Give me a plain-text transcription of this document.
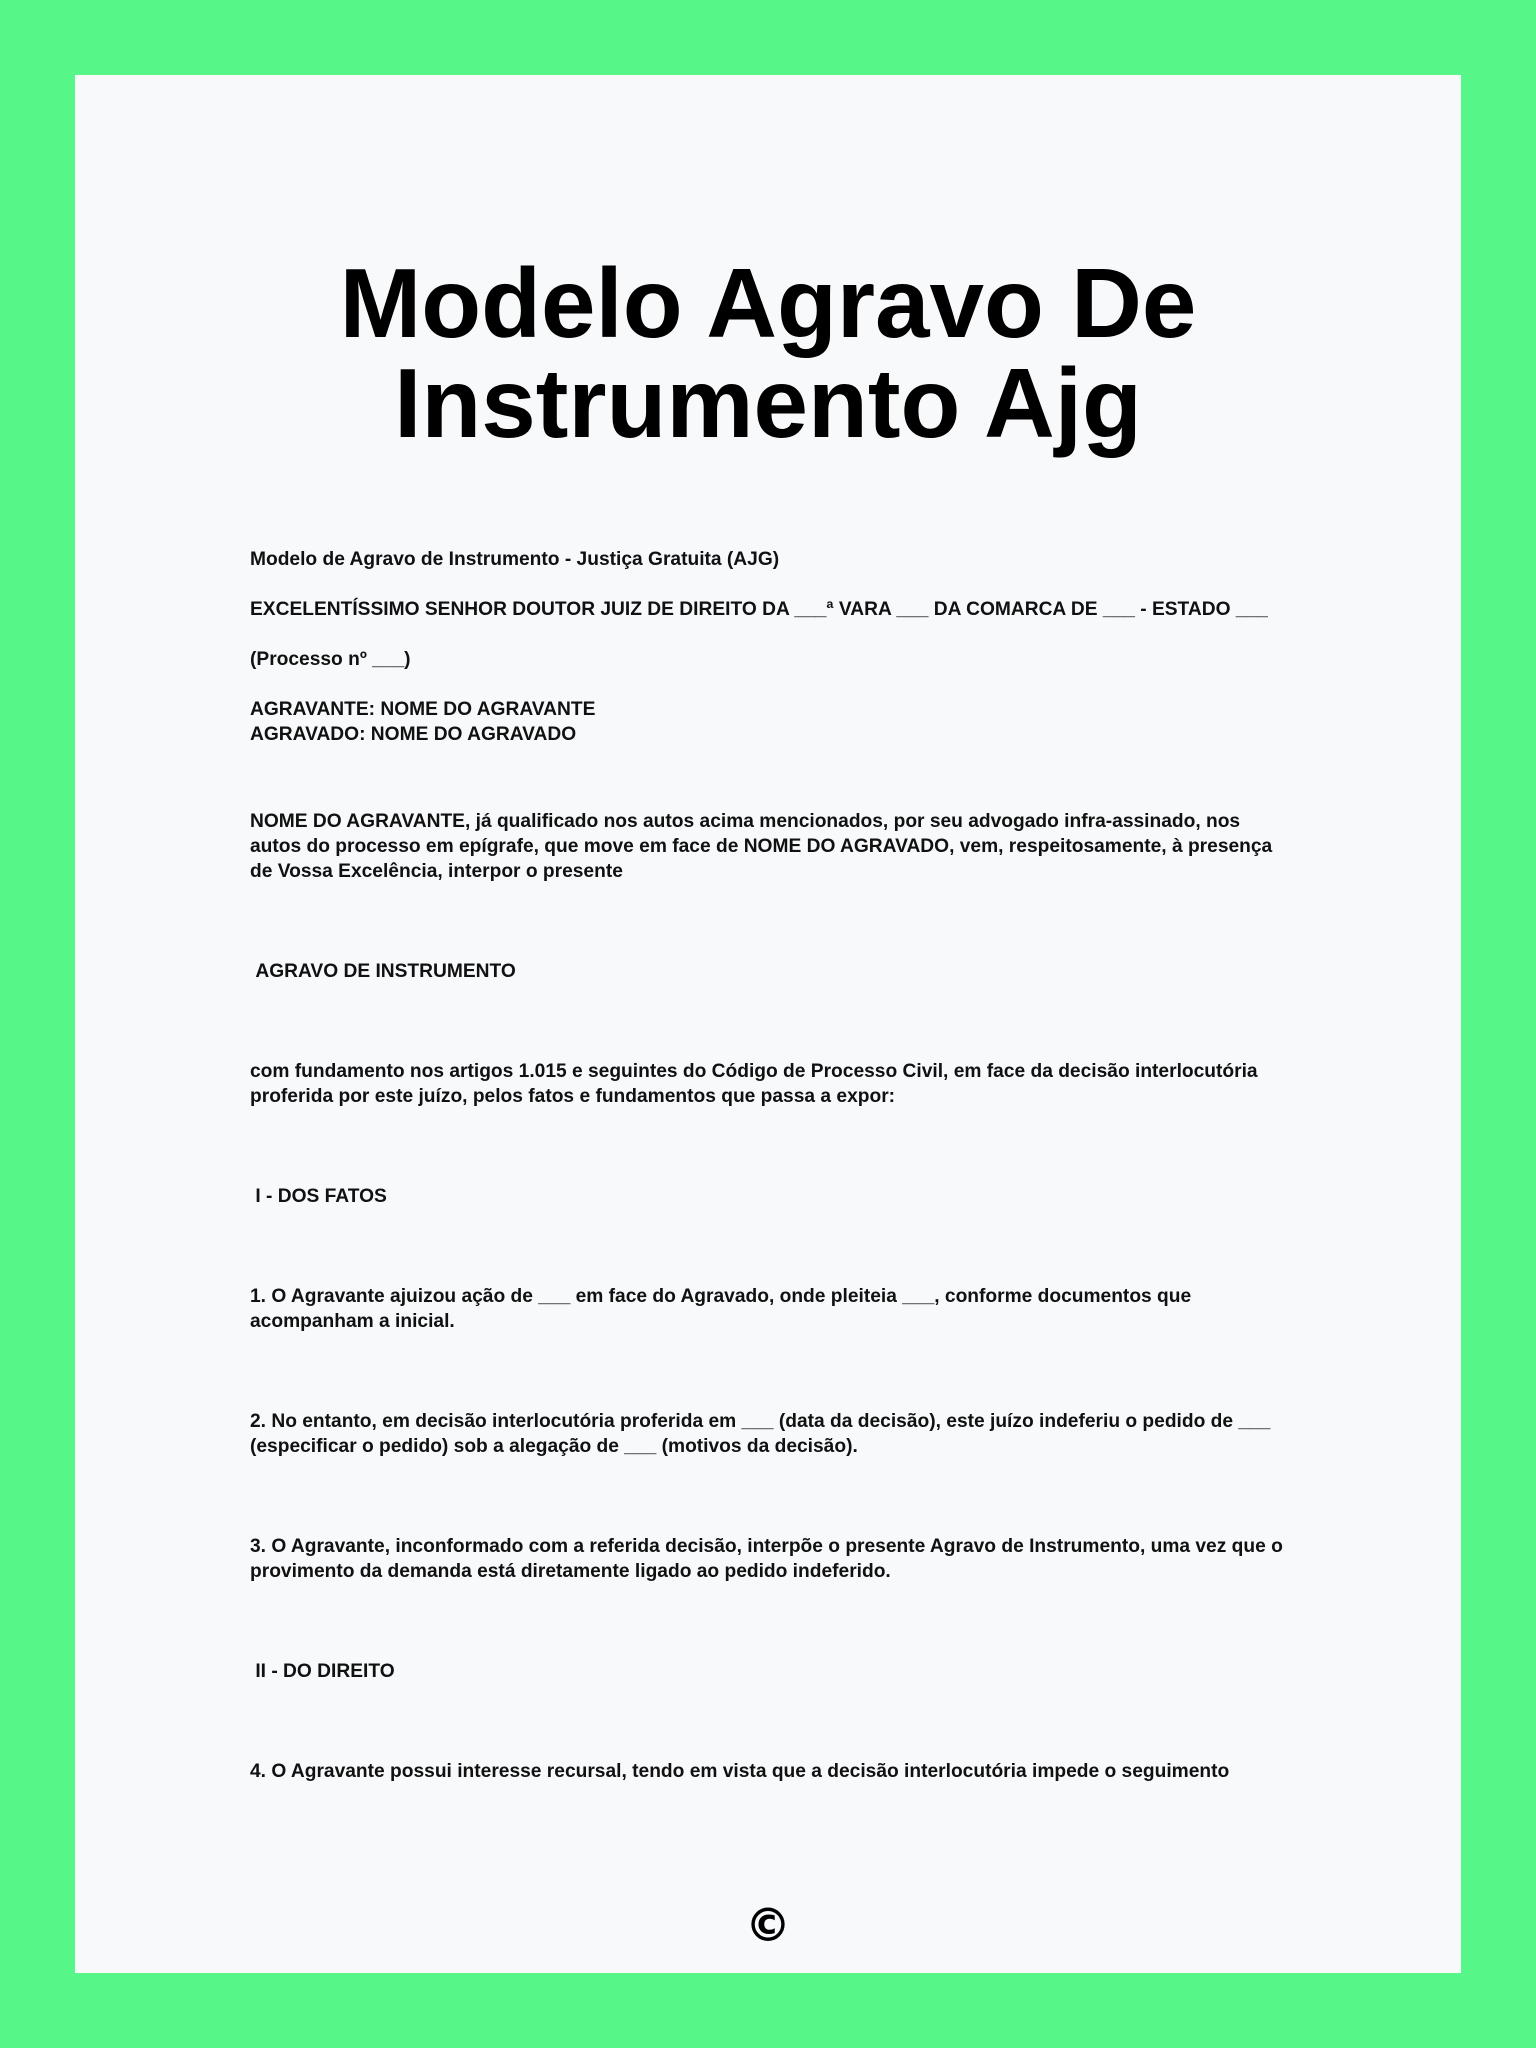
Modelo Agravo De
Instrumento Ajg

Modelo de Agravo de Instrumento - Justiça Gratuita (AJG)

EXCELENTÍSSIMO SENHOR DOUTOR JUIZ DE DIREITO DA ___ª VARA ___ DA COMARCA DE ___ - ESTADO ___

(Processo nº ___)

AGRAVANTE: NOME DO AGRAVANTE

AGRAVADO: NOME DO AGRAVADO

NOME DO AGRAVANTE, já qualificado nos autos acima mencionados, por seu advogado infra-assinado, nos autos do processo em epígrafe, que move em face de NOME DO AGRAVADO, vem, respeitosamente, à presença de Vossa Excelência, interpor o presente

AGRAVO DE INSTRUMENTO

com fundamento nos artigos 1.015 e seguintes do Código de Processo Civil, em face da decisão interlocutória proferida por este juízo, pelos fatos e fundamentos que passa a expor:

I - DOS FATOS

1. O Agravante ajuizou ação de ___ em face do Agravado, onde pleiteia ___, conforme documentos que acompanham a inicial.

2. No entanto, em decisão interlocutória proferida em ___ (data da decisão), este juízo indeferiu o pedido de ___ (especificar o pedido) sob a alegação de ___ (motivos da decisão).

3. O Agravante, inconformado com a referida decisão, interpõe o presente Agravo de Instrumento, uma vez que o provimento da demanda está diretamente ligado ao pedido indeferido.

II - DO DIREITO

4. O Agravante possui interesse recursal, tendo em vista que a decisão interlocutória impede o seguimento

©
